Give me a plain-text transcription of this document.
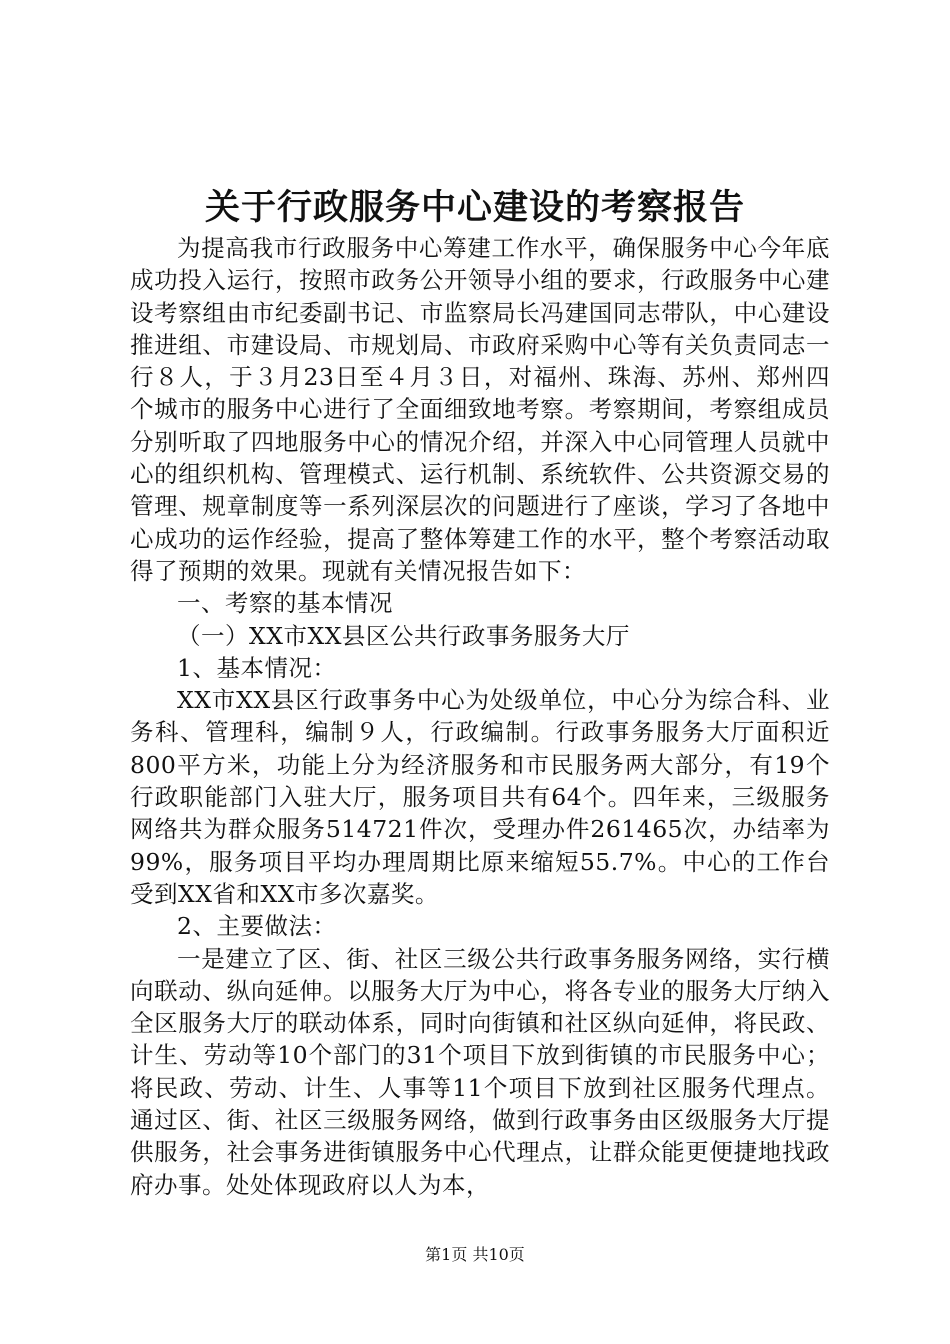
关于行政服务中心建设的考察报告

为提高我市行政服务中心筹建工作水平，确保服务中心今年底成功投入运行，按照市政务公开领导小组的要求，行政服务中心建设考察组由市纪委副书记、市监察局长冯建国同志带队，中心建设推进组、市建设局、市规划局、市政府采购中心等有关负责同志一行８人，于３月23日至４月３日，对福州、珠海、苏州、郑州四个城市的服务中心进行了全面细致地考察。考察期间，考察组成员分别听取了四地服务中心的情况介绍，并深入中心同管理人员就中心的组织机构、管理模式、运行机制、系统软件、公共资源交易的管理、规章制度等一系列深层次的问题进行了座谈，学习了各地中心成功的运作经验，提高了整体筹建工作的水平，整个考察活动取得了预期的效果。现就有关情况报告如下：

一、考察的基本情况

（一）XX市XX县区公共行政事务服务大厅

1、基本情况：

XX市XX县区行政事务中心为处级单位，中心分为综合科、业务科、管理科，编制９人，行政编制。行政事务服务大厅面积近800平方米，功能上分为经济服务和市民服务两大部分，有19个行政职能部门入驻大厅，服务项目共有64个。四年来，三级服务网络共为群众服务514721件次，受理办件261465次，办结率为99%，服务项目平均办理周期比原来缩短55.7%。中心的工作台受到XX省和XX市多次嘉奖。

2、主要做法：

一是建立了区、街、社区三级公共行政事务服务网络，实行横向联动、纵向延伸。以服务大厅为中心，将各专业的服务大厅纳入全区服务大厅的联动体系，同时向街镇和社区纵向延伸，将民政、计生、劳动等10个部门的31个项目下放到街镇的市民服务中心；将民政、劳动、计生、人事等11个项目下放到社区服务代理点。通过区、街、社区三级服务网络，做到行政事务由区级服务大厅提供服务，社会事务进街镇服务中心代理点，让群众能更便捷地找政府办事。处处体现政府以人为本，

第1页 共10页
